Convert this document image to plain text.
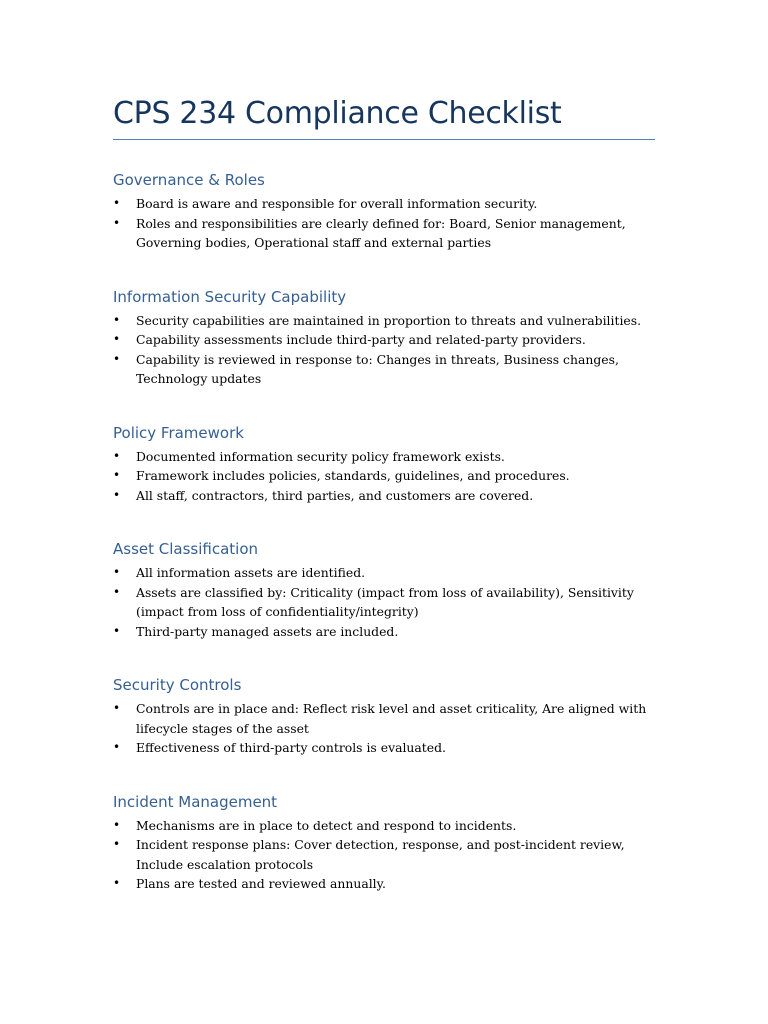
CPS 234 Compliance Checklist
Governance & Roles
•	Board is aware and responsible for overall information security.
•	Roles and responsibilities are clearly defined for: Board, Senior management, Governing bodies, Operational staff and external parties
Information Security Capability
•	Security capabilities are maintained in proportion to threats and vulnerabilities.
•	Capability assessments include third-party and related-party providers.
•	Capability is reviewed in response to: Changes in threats, Business changes, Technology updates
Policy Framework
•	Documented information security policy framework exists.
•	Framework includes policies, standards, guidelines, and procedures.
•	All staff, contractors, third parties, and customers are covered.
Asset Classification
•	All information assets are identified.
•	Assets are classified by: Criticality (impact from loss of availability), Sensitivity (impact from loss of confidentiality/integrity)
•	Third-party managed assets are included.
Security Controls
•	Controls are in place and: Reflect risk level and asset criticality, Are aligned with lifecycle stages of the asset
•	Effectiveness of third-party controls is evaluated.
Incident Management
•	Mechanisms are in place to detect and respond to incidents.
•	Incident response plans: Cover detection, response, and post-incident review, Include escalation protocols
•	Plans are tested and reviewed annually.
